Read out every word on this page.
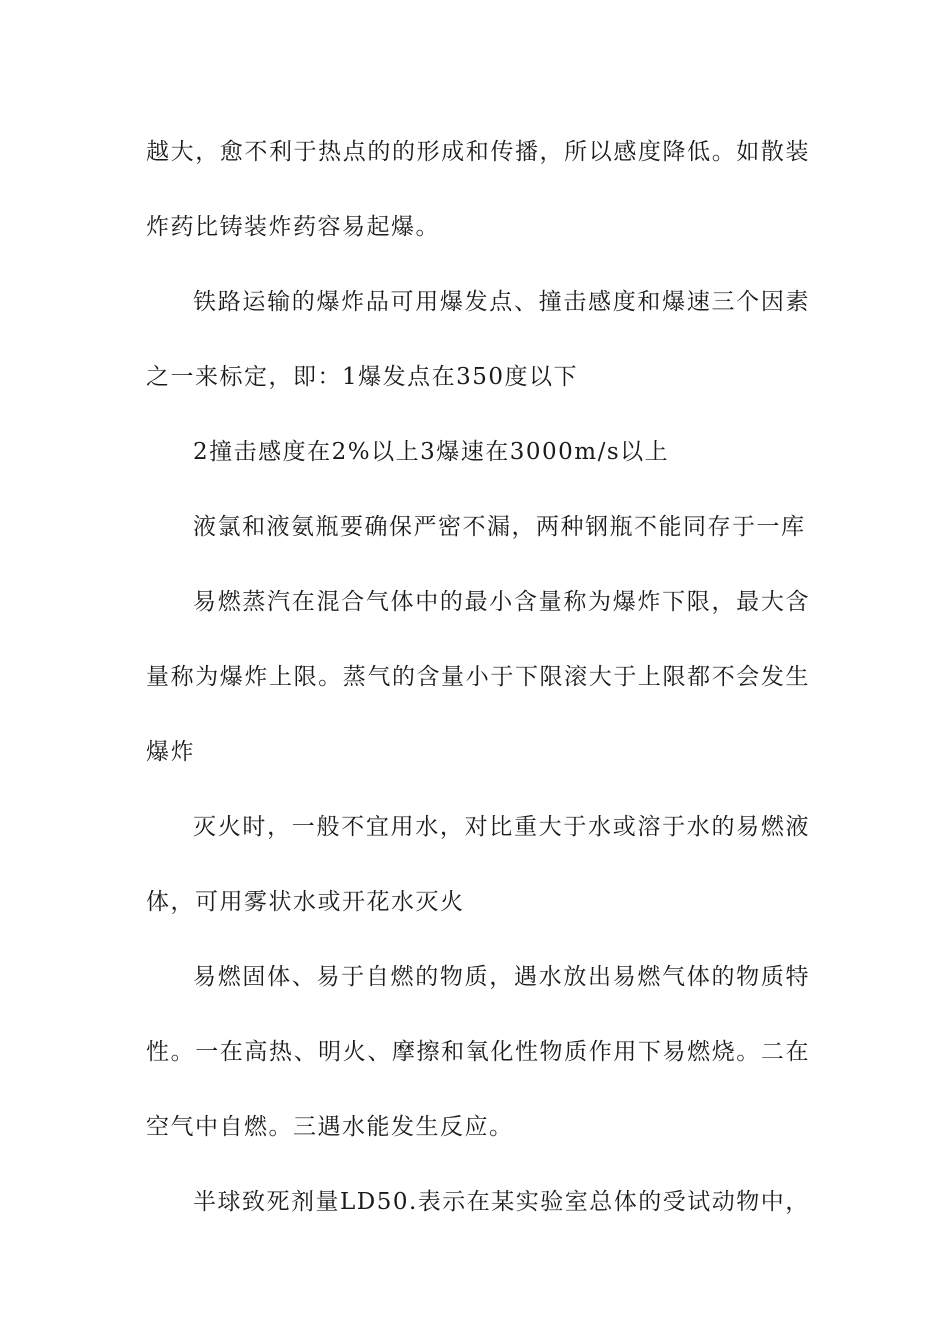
越大，愈不利于热点的的形成和传播，所以感度降低。如散装炸药比铸装炸药容易起爆。

铁路运输的爆炸品可用爆发点、撞击感度和爆速三个因素之一来标定，即：1爆发点在350度以下

2撞击感度在2%以上3爆速在3000m/s以上

液氯和液氨瓶要确保严密不漏，两种钢瓶不能同存于一库

易燃蒸汽在混合气体中的最小含量称为爆炸下限，最大含量称为爆炸上限。蒸气的含量小于下限滚大于上限都不会发生爆炸

灭火时，一般不宜用水，对比重大于水或溶于水的易燃液体，可用雾状水或开花水灭火

易燃固体、易于自燃的物质，遇水放出易燃气体的物质特性。一在高热、明火、摩擦和氧化性物质作用下易燃烧。二在空气中自燃。三遇水能发生反应。

半球致死剂量LD50.表示在某实验室总体的受试动物中，
